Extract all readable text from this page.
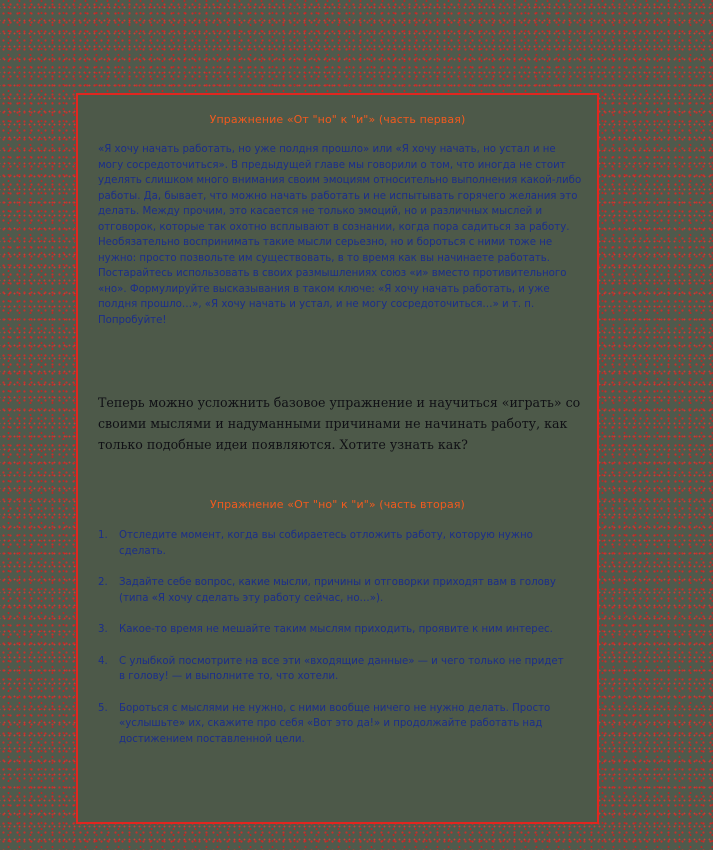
Упражнение «От "но" к "и"» (часть первая)

«Я хочу начать работать, но уже полдня прошло» или «Я хочу начать, но устал и не могу сосредоточиться». В предыдущей главе мы говорили о том, что иногда не стоит уделять слишком много внимания своим эмоциям относительно выполнения какой-либо работы. Да, бывает, что можно начать работать и не испытывать горячего желания это делать. Между прочим, это касается не только эмоций, но и различных мыслей и отговорок, которые так охотно всплывают в сознании, когда пора садиться за работу. Необязательно воспринимать такие мысли серьезно, но и бороться с ними тоже не нужно: просто позвольте им существовать, в то время как вы начинаете работать. Постарайтесь использовать в своих размышлениях союз «и» вместо противительного «но». Формулируйте высказывания в таком ключе: «Я хочу начать работать, и уже полдня прошло…», «Я хочу начать и устал, и не могу сосредоточиться…» и т. п. Попробуйте!

Теперь можно усложнить базовое упражнение и научиться «играть» со своими мыслями и надуманными причинами не начинать работу, как только подобные идеи появляются. Хотите узнать как?

Упражнение «От "но" к "и"» (часть вторая)
1. Отследите момент, когда вы собираетесь отложить работу, которую нужно сделать.
2. Задайте себе вопрос, какие мысли, причины и отговорки приходят вам в голову (типа «Я хочу сделать эту работу сейчас, но…»).
3. Какое-то время не мешайте таким мыслям приходить, проявите к ним интерес.
4. С улыбкой посмотрите на все эти «входящие данные» — и чего только не придет в голову! — и выполните то, что хотели.
5. Бороться с мыслями не нужно, с ними вообще ничего не нужно делать. Просто «услышьте» их, скажите про себя «Вот это да!» и продолжайте работать над достижением поставленной цели.
